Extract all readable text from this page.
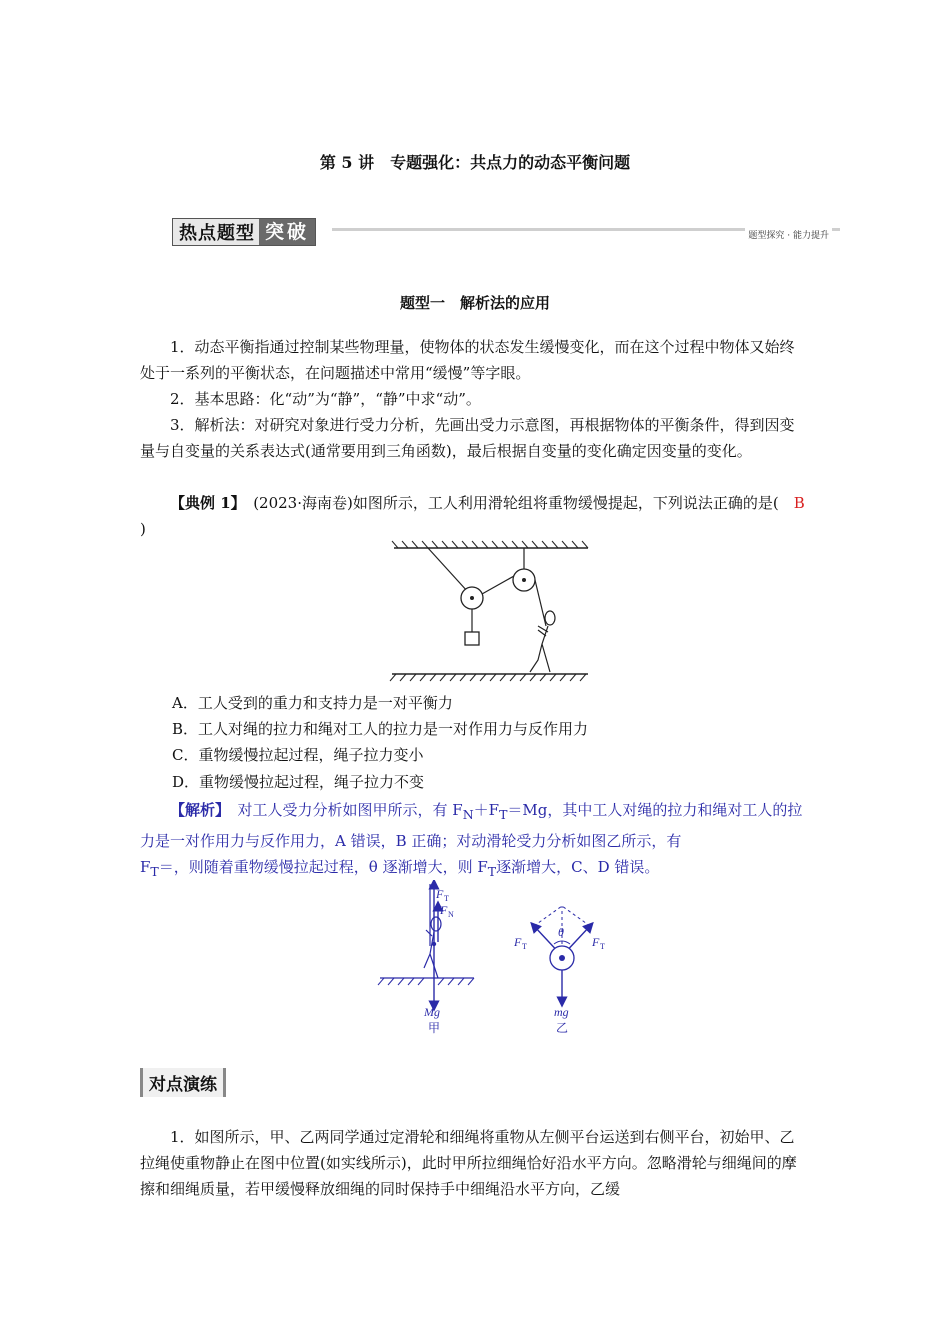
第 5 讲　专题强化：共点力的动态平衡问题
热点题型 突破	题型探究 · 能力提升
题型一　解析法的应用
1．动态平衡指通过控制某些物理量，使物体的状态发生缓慢变化，而在这个过程中物体又始终处于一系列的平衡状态，在问题描述中常用“缓慢”等字眼。
2．基本思路：化“动”为“静”，“静”中求“动”。
3．解析法：对研究对象进行受力分析，先画出受力示意图，再根据物体的平衡条件，得到因变量与自变量的关系表达式(通常要用到三角函数)，最后根据自变量的变化确定因变量的变化。
【典例 1】　 (2023·海南卷)如图所示，工人利用滑轮组将重物缓慢提起，下列说法正确的是(　 B　)
A．工人受到的重力和支持力是一对平衡力
B．工人对绳的拉力和绳对工人的拉力是一对作用力与反作用力
C．重物缓慢拉起过程，绳子拉力变小
D．重物缓慢拉起过程，绳子拉力不变
【解析】　 对工人受力分析如图甲所示，有 $F_N+F_T=Mg$，其中工人对绳的拉力和绳对工人的拉力是一对作用力与反作用力，A 错误，B 正确；对动滑轮受力分析如图乙所示，有
$F_T=$，则随着重物缓慢拉起过程，θ 逐渐增大，则 $F_T$逐渐增大，C、D 错误。
F T
F N
Mg
甲
θ
F T	F T
mg
乙
对点演练
1．如图所示，甲、乙两同学通过定滑轮和细绳将重物从左侧平台运送到右侧平台，初始甲、乙拉绳使重物静止在图中位置(如实线所示)，此时甲所拉细绳恰好沿水平方向。忽略滑轮与细绳间的摩擦和细绳质量，若甲缓慢释放细绳的同时保持手中细绳沿水平方向，乙缓
